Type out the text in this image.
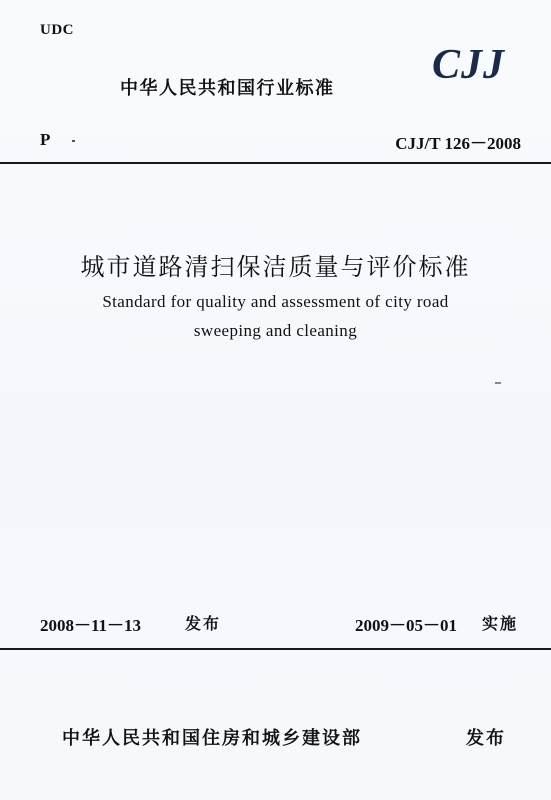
UDC
中华人民共和国行业标准
CJJ
P	CJJ/T 126－2008
城市道路清扫保洁质量与评价标准
Standard for quality and assessment of city road
sweeping and cleaning
2008－11－13	发布	2009－05－01 实施
中华人民共和国住房和城乡建设部	发布
